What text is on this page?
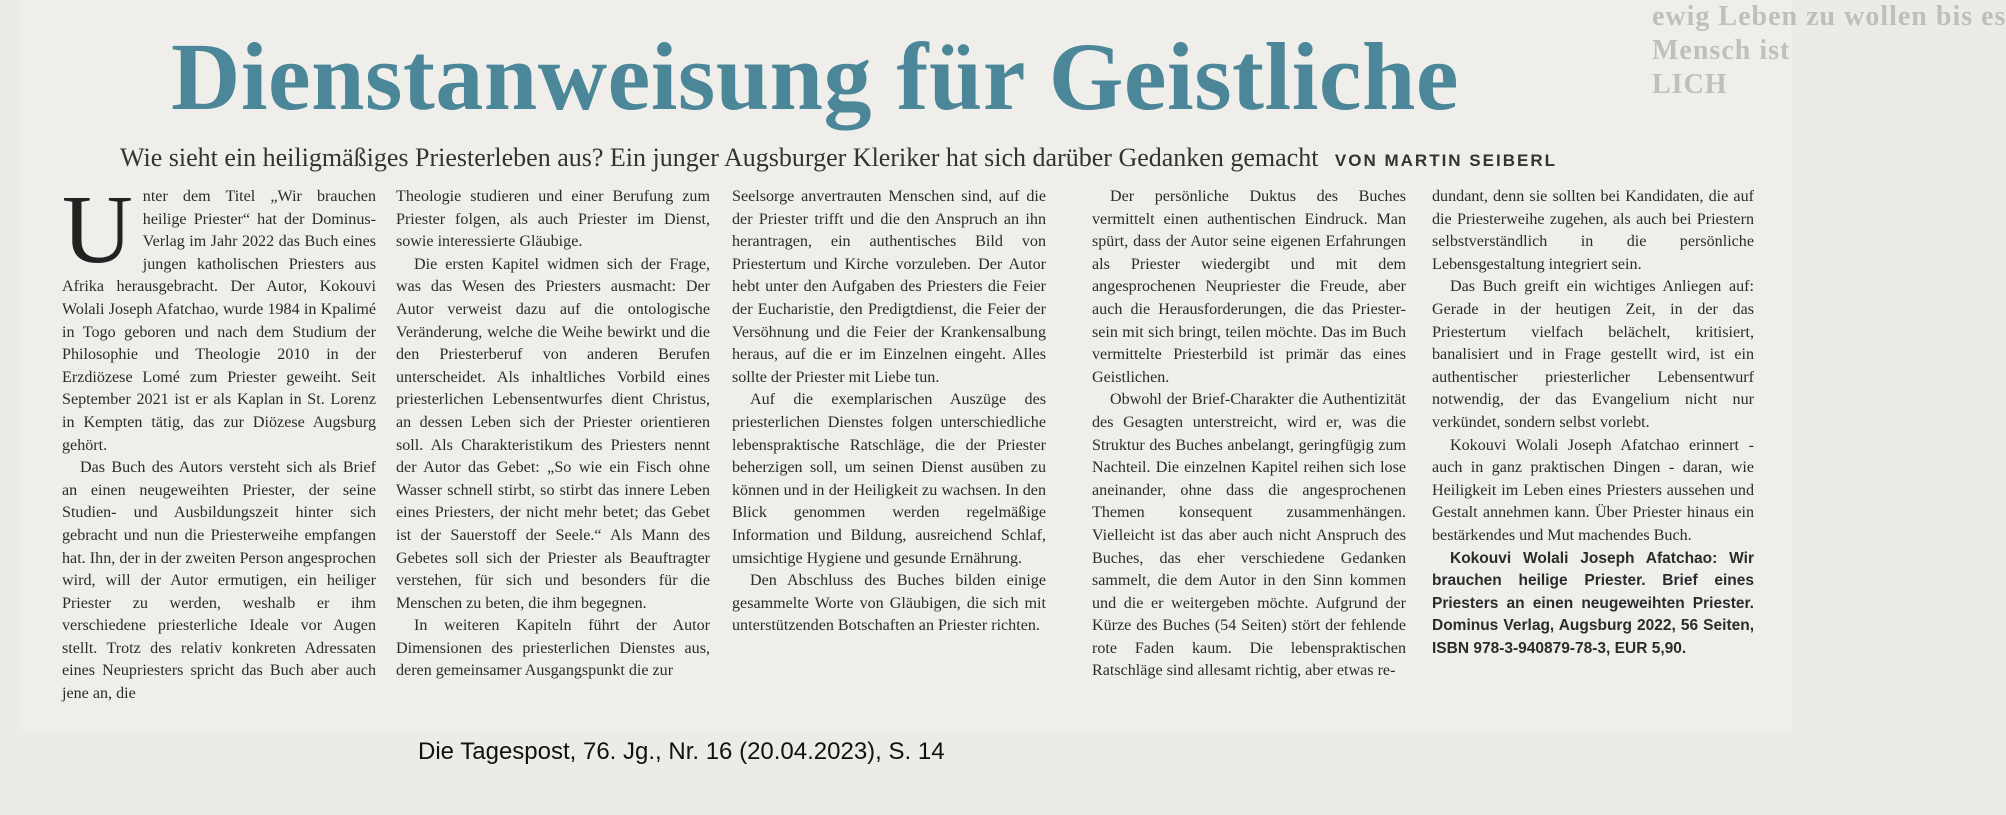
ewig Leben zu wollen bis es
Mensch ist
LICH
Dienstanweisung für Geistliche
Wie sieht ein heiligmäßiges Priesterleben aus? Ein junger Augsburger Kleriker hat sich darüber Gedanken gemacht VON MARTIN SEIBERL

Unter dem Titel „Wir brauchen heilige Priester“ hat der Dominus-Verlag im Jahr 2022 das Buch eines jungen katholischen Priesters aus Afrika herausgebracht. Der Autor, Kokouvi Wolali Joseph Afatchao, wurde 1984 in Kpalimé in Togo geboren und nach dem Studium der Philosophie und Theologie 2010 in der Erzdiözese Lomé zum Priester geweiht. Seit September 2021 ist er als Kaplan in St. Lorenz in Kempten tätig, das zur Diözese Augsburg gehört.

Das Buch des Autors versteht sich als Brief an einen neugeweihten Priester, der seine Studien- und Ausbildungszeit hinter sich gebracht und nun die Priesterweihe empfangen hat. Ihn, der in der zweiten Person angesprochen wird, will der Autor ermutigen, ein heiliger Priester zu werden, weshalb er ihm verschiedene priesterliche Ideale vor Augen stellt. Trotz des relativ konkreten Adressaten eines Neupriesters spricht das Buch aber auch jene an, die

Theologie studieren und einer Berufung zum Priester folgen, als auch Priester im Dienst, sowie interessierte Gläubige.

Die ersten Kapitel widmen sich der Frage, was das Wesen des Priesters ausmacht: Der Autor verweist dazu auf die ontologische Veränderung, welche die Weihe bewirkt und die den Priesterberuf von anderen Berufen unterscheidet. Als inhaltliches Vorbild eines priesterlichen Lebensentwurfes dient Christus, an dessen Leben sich der Priester orientieren soll. Als Charakteristikum des Priesters nennt der Autor das Gebet: „So wie ein Fisch ohne Wasser schnell stirbt, so stirbt das innere Leben eines Priesters, der nicht mehr betet; das Gebet ist der Sauerstoff der Seele.“ Als Mann des Gebetes soll sich der Priester als Beauftragter verstehen, für sich und besonders für die Menschen zu beten, die ihm begegnen.

In weiteren Kapiteln führt der Autor Dimensionen des priesterlichen Dienstes aus, deren gemeinsamer Ausgangspunkt die zur

Seelsorge anvertrauten Menschen sind, auf die der Priester trifft und die den Anspruch an ihn herantragen, ein authentisches Bild von Priestertum und Kirche vorzuleben. Der Autor hebt unter den Aufgaben des Priesters die Feier der Eucharistie, den Predigtdienst, die Feier der Versöhnung und die Feier der Krankensalbung heraus, auf die er im Einzelnen eingeht. Alles sollte der Priester mit Liebe tun.

Auf die exemplarischen Auszüge des priesterlichen Dienstes folgen unterschiedliche lebenspraktische Ratschläge, die der Priester beherzigen soll, um seinen Dienst ausüben zu können und in der Heiligkeit zu wachsen. In den Blick genommen werden regelmäßige Information und Bildung, ausreichend Schlaf, umsichtige Hygiene und gesunde Ernährung.

Den Abschluss des Buches bilden einige gesammelte Worte von Gläubigen, die sich mit unterstützenden Botschaften an Priester richten.

Der persönliche Duktus des Buches vermittelt einen authentischen Eindruck. Man spürt, dass der Autor seine eigenen Erfahrungen als Priester wiedergibt und mit dem angesprochenen Neupriester die Freude, aber auch die Herausforderungen, die das Priester-sein mit sich bringt, teilen möchte. Das im Buch vermittelte Priesterbild ist primär das eines Geistlichen.

Obwohl der Brief-Charakter die Authentizität des Gesagten unterstreicht, wird er, was die Struktur des Buches anbelangt, geringfügig zum Nachteil. Die einzelnen Kapitel reihen sich lose aneinander, ohne dass die angesprochenen Themen konsequent zusammenhängen. Vielleicht ist das aber auch nicht Anspruch des Buches, das eher verschiedene Gedanken sammelt, die dem Autor in den Sinn kommen und die er weitergeben möchte. Aufgrund der Kürze des Buches (54 Seiten) stört der fehlende rote Faden kaum. Die lebenspraktischen Ratschläge sind allesamt richtig, aber etwas re-

dundant, denn sie sollten bei Kandidaten, die auf die Priesterweihe zugehen, als auch bei Priestern selbstverständlich in die persönliche Lebensgestaltung integriert sein.

Das Buch greift ein wichtiges Anliegen auf: Gerade in der heutigen Zeit, in der das Priestertum vielfach belächelt, kritisiert, banalisiert und in Frage gestellt wird, ist ein authentischer priesterlicher Lebensentwurf notwendig, der das Evangelium nicht nur verkündet, sondern selbst vorlebt.

Kokouvi Wolali Joseph Afatchao erinnert - auch in ganz praktischen Dingen - daran, wie Heiligkeit im Leben eines Priesters aussehen und Gestalt annehmen kann. Über Priester hinaus ein bestärkendes und Mut machendes Buch.

Kokouvi Wolali Joseph Afatchao: Wir brauchen heilige Priester. Brief eines Priesters an einen neugeweihten Priester. Dominus Verlag, Augsburg 2022, 56 Seiten, ISBN 978-3-940879-78-3, EUR 5,90.

Die Tagespost, 76. Jg., Nr. 16 (20.04.2023), S. 14
